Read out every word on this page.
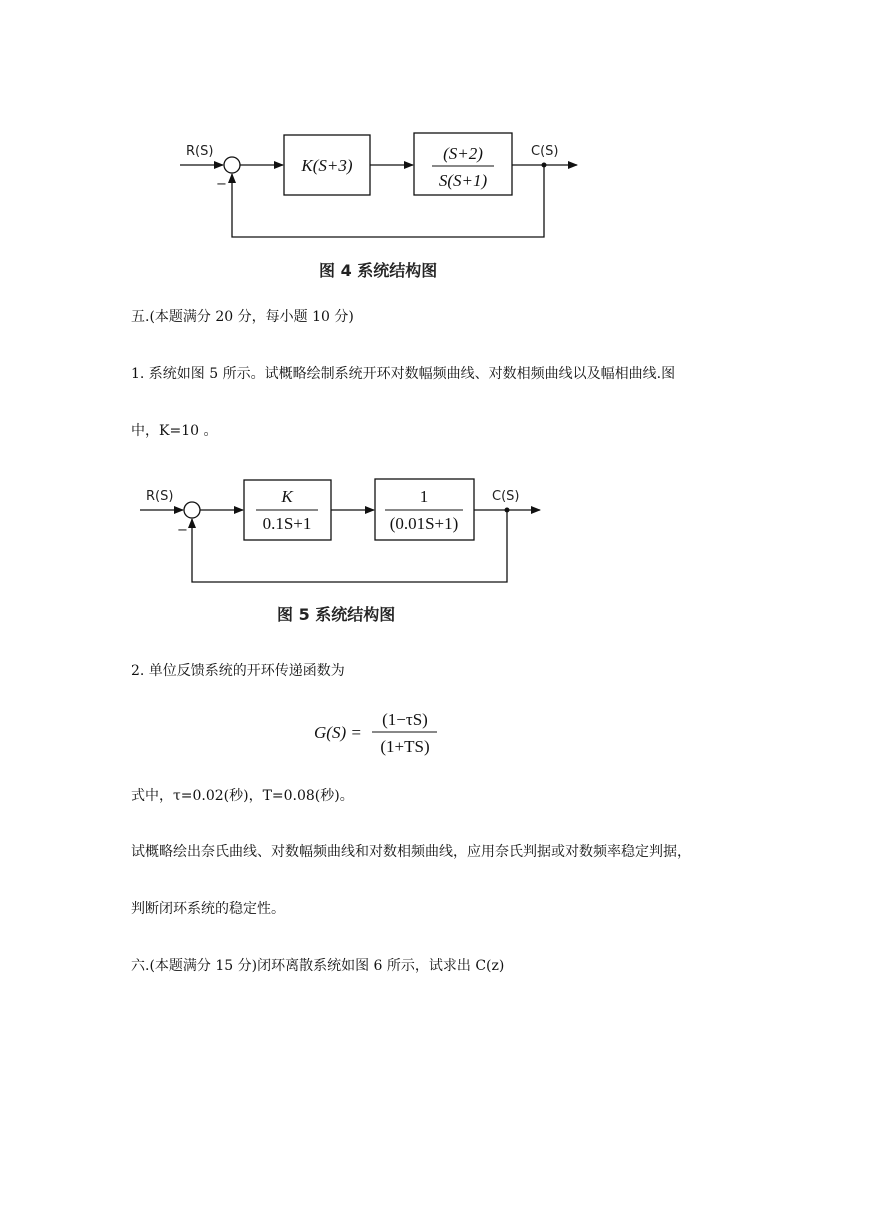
R(S)
−
K(S+3)
(S+2)
S(S+1)
C(S)
图 4 系统结构图
五.(本题满分 20 分，每小题 10 分)
1. 系统如图 5 所示。试概略绘制系统开环对数幅频曲线、对数相频曲线以及幅相曲线.图
中，K=10 。
R(S)
−
K
0.1S+1
1
(0.01S+1)
C(S)
图 5 系统结构图
2. 单位反馈系统的开环传递函数为
G(S) =
(1−τS)
(1+TS)
式中，τ=0.02(秒)，T=0.08(秒)。
试概略绘出奈氏曲线、对数幅频曲线和对数相频曲线，应用奈氏判据或对数频率稳定判据，
判断闭环系统的稳定性。
六.(本题满分 15 分)闭环离散系统如图 6 所示，试求出 C(z)
